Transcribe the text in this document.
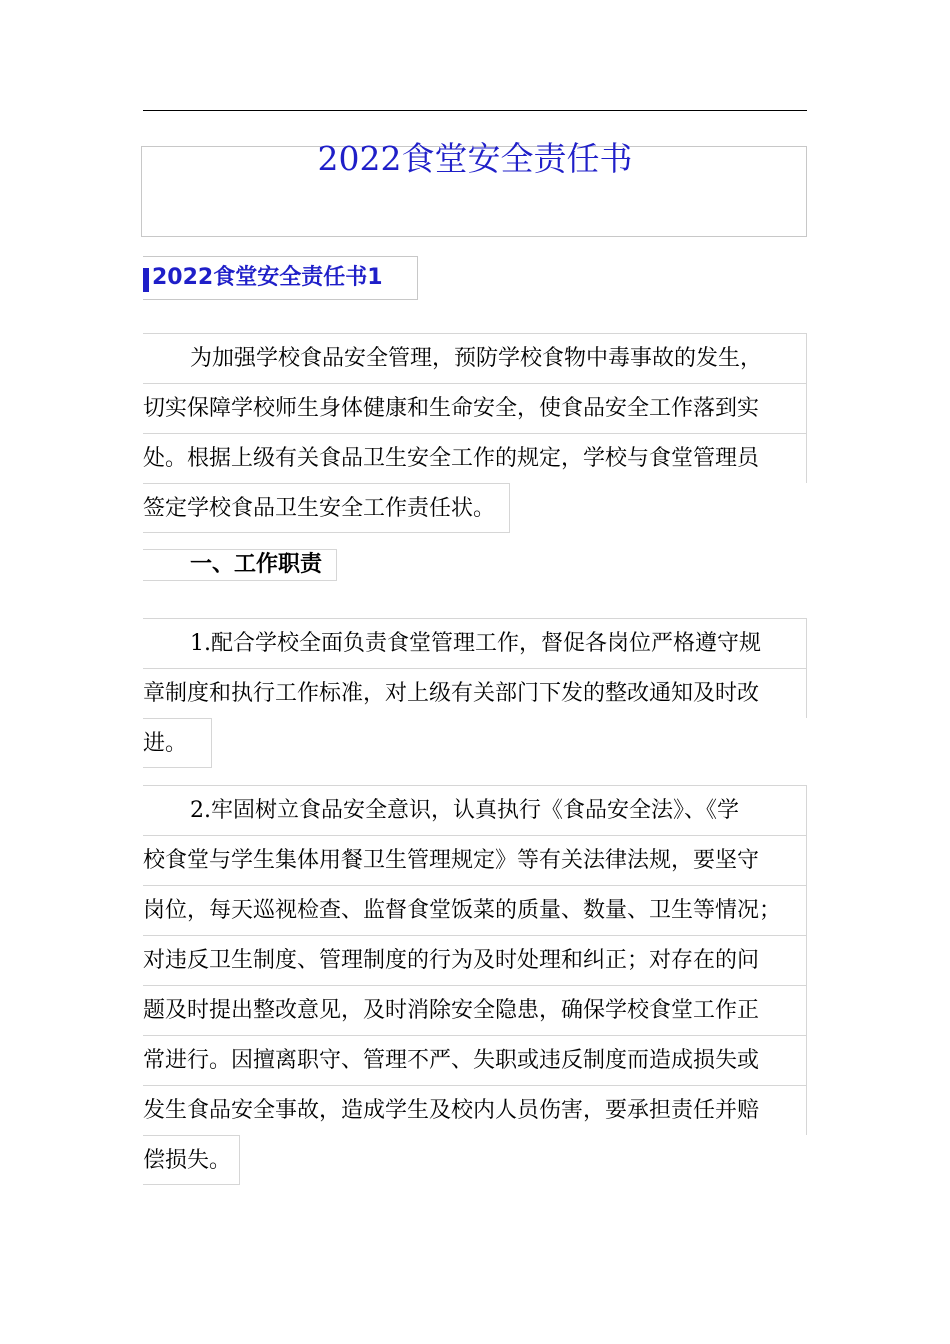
2022食堂安全责任书
2022食堂安全责任书1
为加强学校食品安全管理，预防学校食物中毒事故的发生，
切实保障学校师生身体健康和生命安全，使食品安全工作落到实
处。根据上级有关食品卫生安全工作的规定，学校与食堂管理员
签定学校食品卫生安全工作责任状。
一、工作职责
1.配合学校全面负责食堂管理工作，督促各岗位严格遵守规
章制度和执行工作标准，对上级有关部门下发的整改通知及时改
进。
2.牢固树立食品安全意识，认真执行《食品安全法》、《学
校食堂与学生集体用餐卫生管理规定》等有关法律法规，要坚守
岗位，每天巡视检查、监督食堂饭菜的质量、数量、卫生等情况；
对违反卫生制度、管理制度的行为及时处理和纠正；对存在的问
题及时提出整改意见，及时消除安全隐患，确保学校食堂工作正
常进行。因擅离职守、管理不严、失职或违反制度而造成损失或
发生食品安全事故，造成学生及校内人员伤害，要承担责任并赔
偿损失。
